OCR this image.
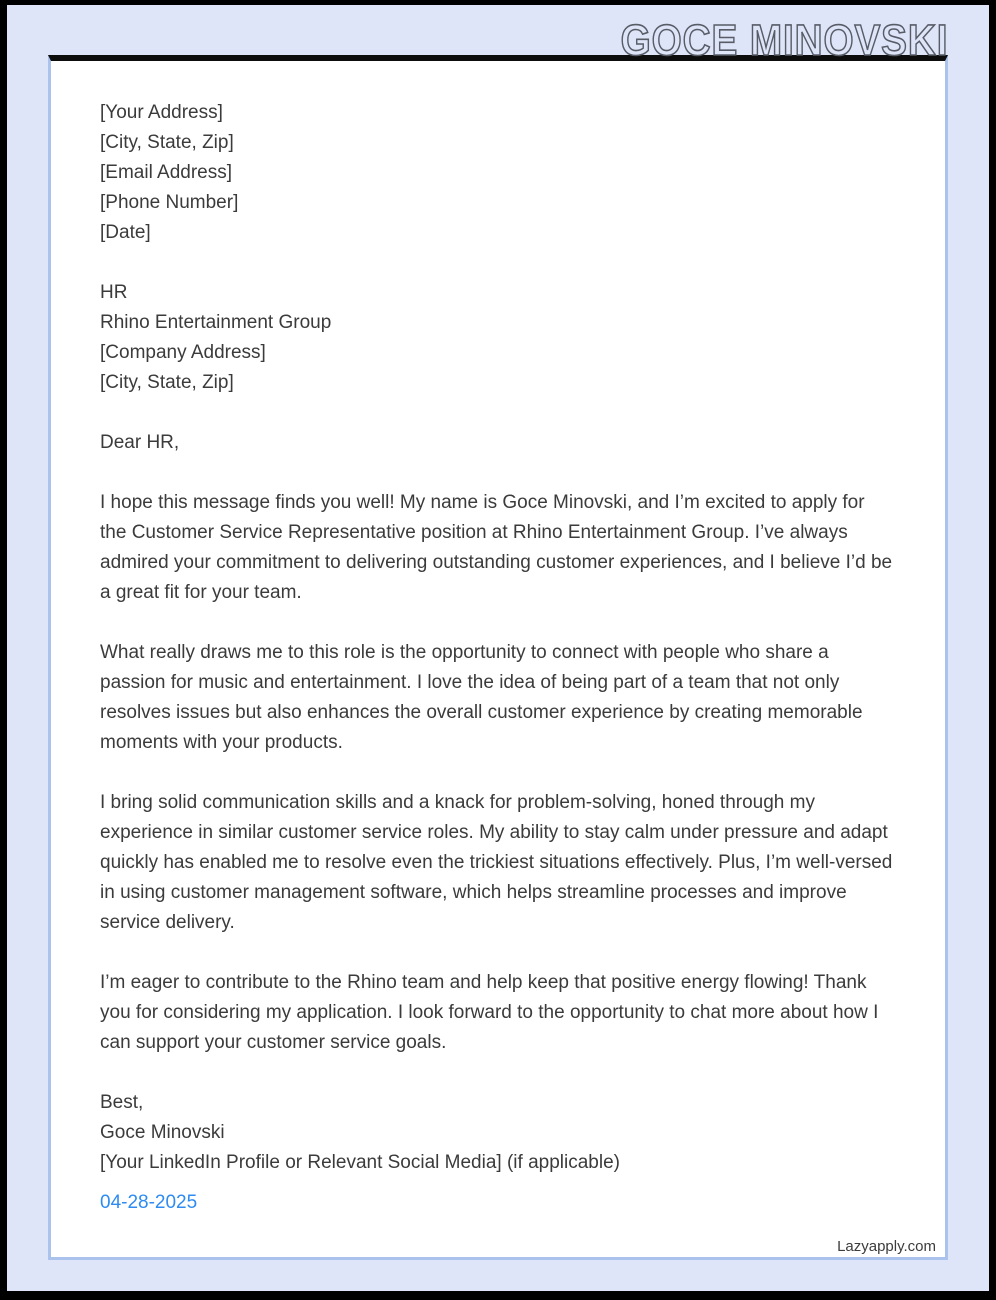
GOCE MINOVSKI
[Your Address]
[City, State, Zip]
[Email Address]
[Phone Number]
[Date]
HR
Rhino Entertainment Group
[Company Address]
[City, State, Zip]
Dear HR,

I hope this message finds you well! My name is Goce Minovski, and I’m excited to apply for the Customer Service Representative position at Rhino Entertainment Group. I’ve always admired your commitment to delivering outstanding customer experiences, and I believe I’d be a great fit for your team.

What really draws me to this role is the opportunity to connect with people who share a passion for music and entertainment. I love the idea of being part of a team that not only resolves issues but also enhances the overall customer experience by creating memorable moments with your products.

I bring solid communication skills and a knack for problem-solving, honed through my experience in similar customer service roles. My ability to stay calm under pressure and adapt quickly has enabled me to resolve even the trickiest situations effectively. Plus, I’m well-versed in using customer management software, which helps streamline processes and improve service delivery.

I’m eager to contribute to the Rhino team and help keep that positive energy flowing! Thank you for considering my application. I look forward to the opportunity to chat more about how I can support your customer service goals.

Best,
Goce Minovski
[Your LinkedIn Profile or Relevant Social Media] (if applicable)
04-28-2025
Lazyapply.com
